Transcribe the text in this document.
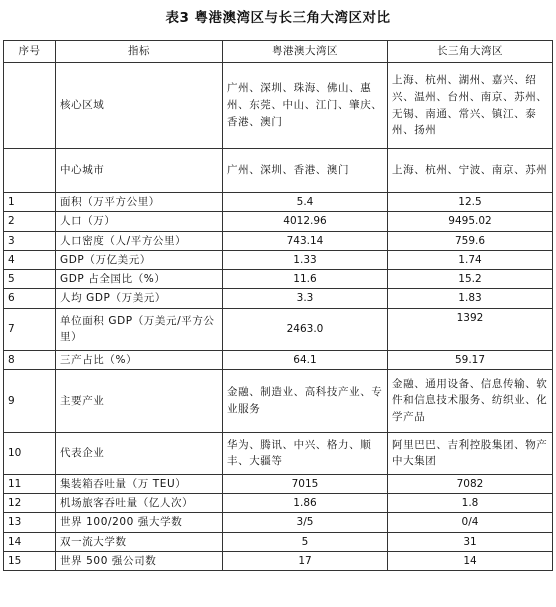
表3 粤港澳湾区与长三角大湾区对比
序号	指标	粤港澳大湾区	长三角大湾区
	核心区域	广州、深圳、珠海、佛山、惠州、东莞、中山、江门、肇庆、香港、澳门	上海、杭州、湖州、嘉兴、绍兴、温州、台州、南京、苏州、无锡、南通、常兴、镇江、泰州、扬州
	中心城市	广州、深圳、香港、澳门	上海、杭州、宁波、南京、苏州
1	面积（万平方公里）	5.4	12.5
2	人口（万）	4012.96	9495.02
3	人口密度（人/平方公里）	743.14	759.6
4	GDP（万亿美元）	1.33	1.74
5	GDP 占全国比（%）	11.6	15.2
6	人均 GDP（万美元）	3.3	1.83
7	单位面积 GDP（万美元/平方公里）	2463.0	1392
8	三产占比（%）	64.1	59.17
9	主要产业	金融、制造业、高科技产业、专业服务	金融、通用设备、信息传输、软件和信息技术服务、纺织业、化学产品
10	代表企业	华为、腾讯、中兴、格力、顺丰、大疆等	阿里巴巴、吉利控股集团、物产中大集团
11	集装箱吞吐量（万 TEU）	7015	7082
12	机场旅客吞吐量（亿人次）	1.86	1.8
13	世界 100/200 强大学数	3/5	0/4
14	双一流大学数	5	31
15	世界 500 强公司数	17	14
